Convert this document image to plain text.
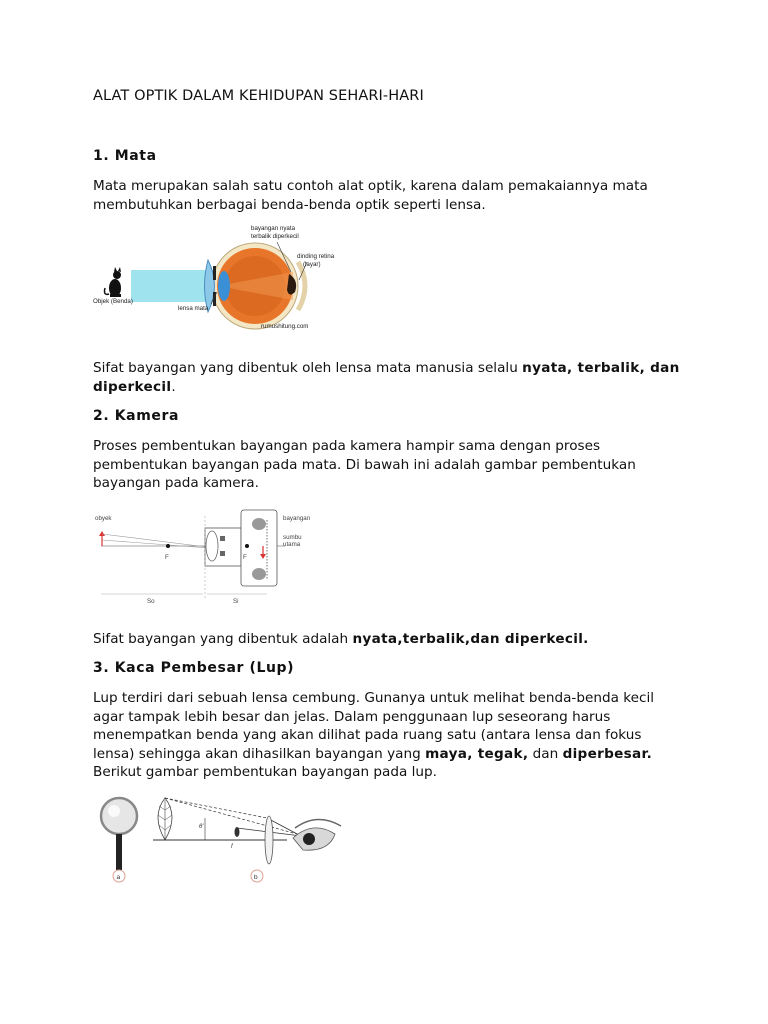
ALAT OPTIK DALAM KEHIDUPAN SEHARI-HARI
1. Mata
Mata merupakan salah satu contoh alat optik, karena dalam pemakaiannya mata membutuhkan berbagai benda-benda optik seperti lensa.
bayangan nyata
terbalik diperkecil
dinding retina
(layar)
Objek (Benda)
lensa mata
rumushitung.com
Sifat bayangan yang dibentuk oleh lensa mata manusia selalu nyata, terbalik, dan diperkecil.
2. Kamera
Proses pembentukan bayangan pada kamera hampir sama dengan proses pembentukan bayangan pada mata. Di bawah ini adalah gambar pembentukan bayangan pada kamera.
obyek	bayangan
sumbu
utama
F	F
So	Si
Sifat bayangan yang dibentuk adalah nyata,terbalik,dan diperkecil.
3. Kaca Pembesar (Lup)
Lup terdiri dari sebuah lensa cembung. Gunanya untuk melihat benda-benda kecil agar tampak lebih besar dan jelas. Dalam penggunaan lup seseorang harus menempatkan benda yang akan dilihat pada ruang satu (antara lensa dan fokus lensa) sehingga akan dihasilkan bayangan yang maya, tegak, dan diperbesar.
Berikut gambar pembentukan bayangan pada lup.
a
θ'
f
b
